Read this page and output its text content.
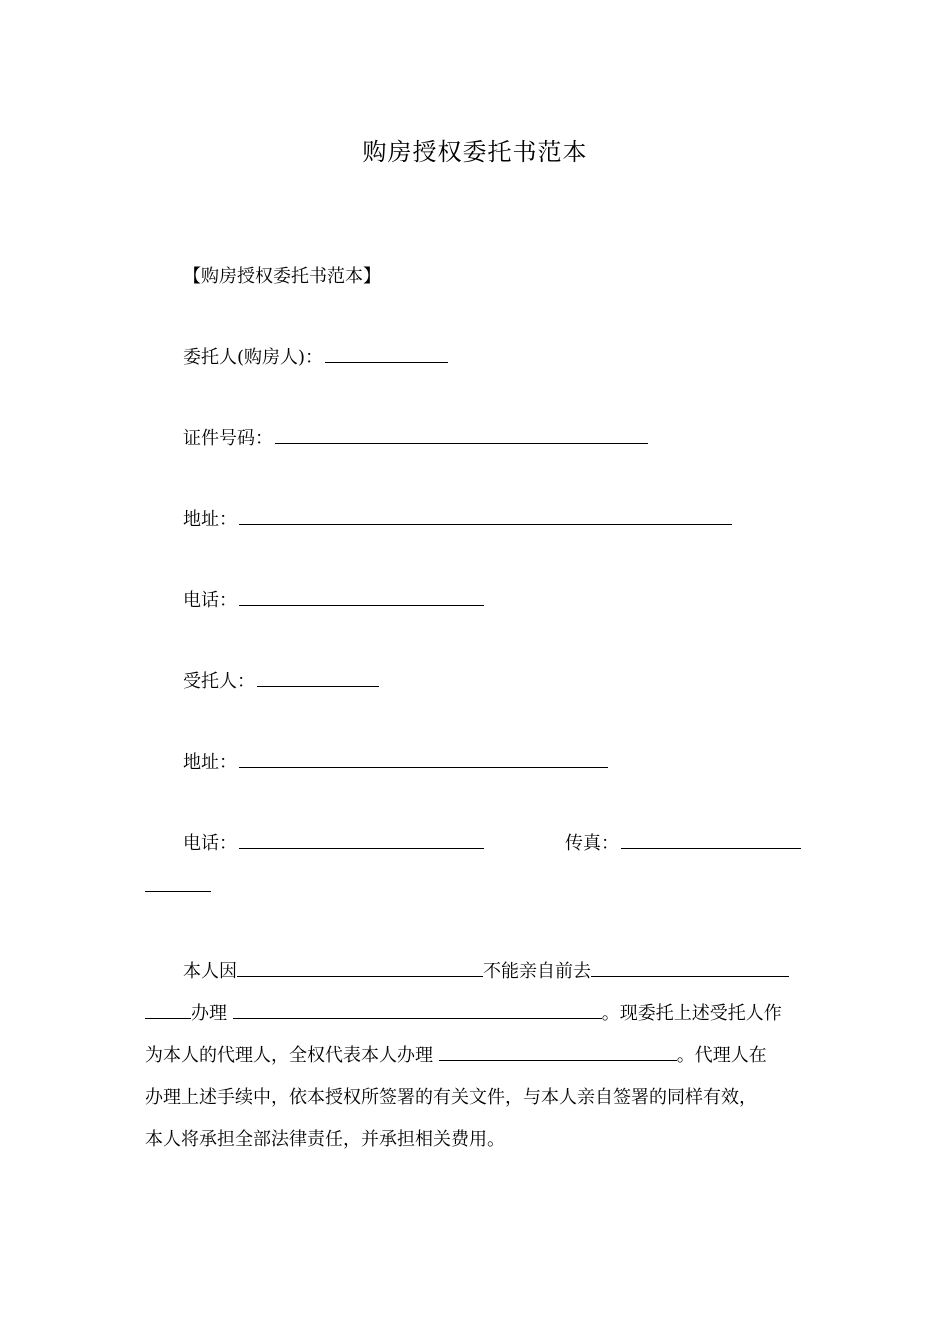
购房授权委托书范本
【购房授权委托书范本】
委托人(购房人)：
证件号码：
地址：
电话：
受托人：
地址：
电话：	传真：
本人因	不能亲自前去
办理	。现委托上述受托人作
为本人的代理人，全权代表本人办理	。代理人在
办理上述手续中，依本授权所签署的有关文件，与本人亲自签署的同样有效，
本人将承担全部法律责任，并承担相关费用。
